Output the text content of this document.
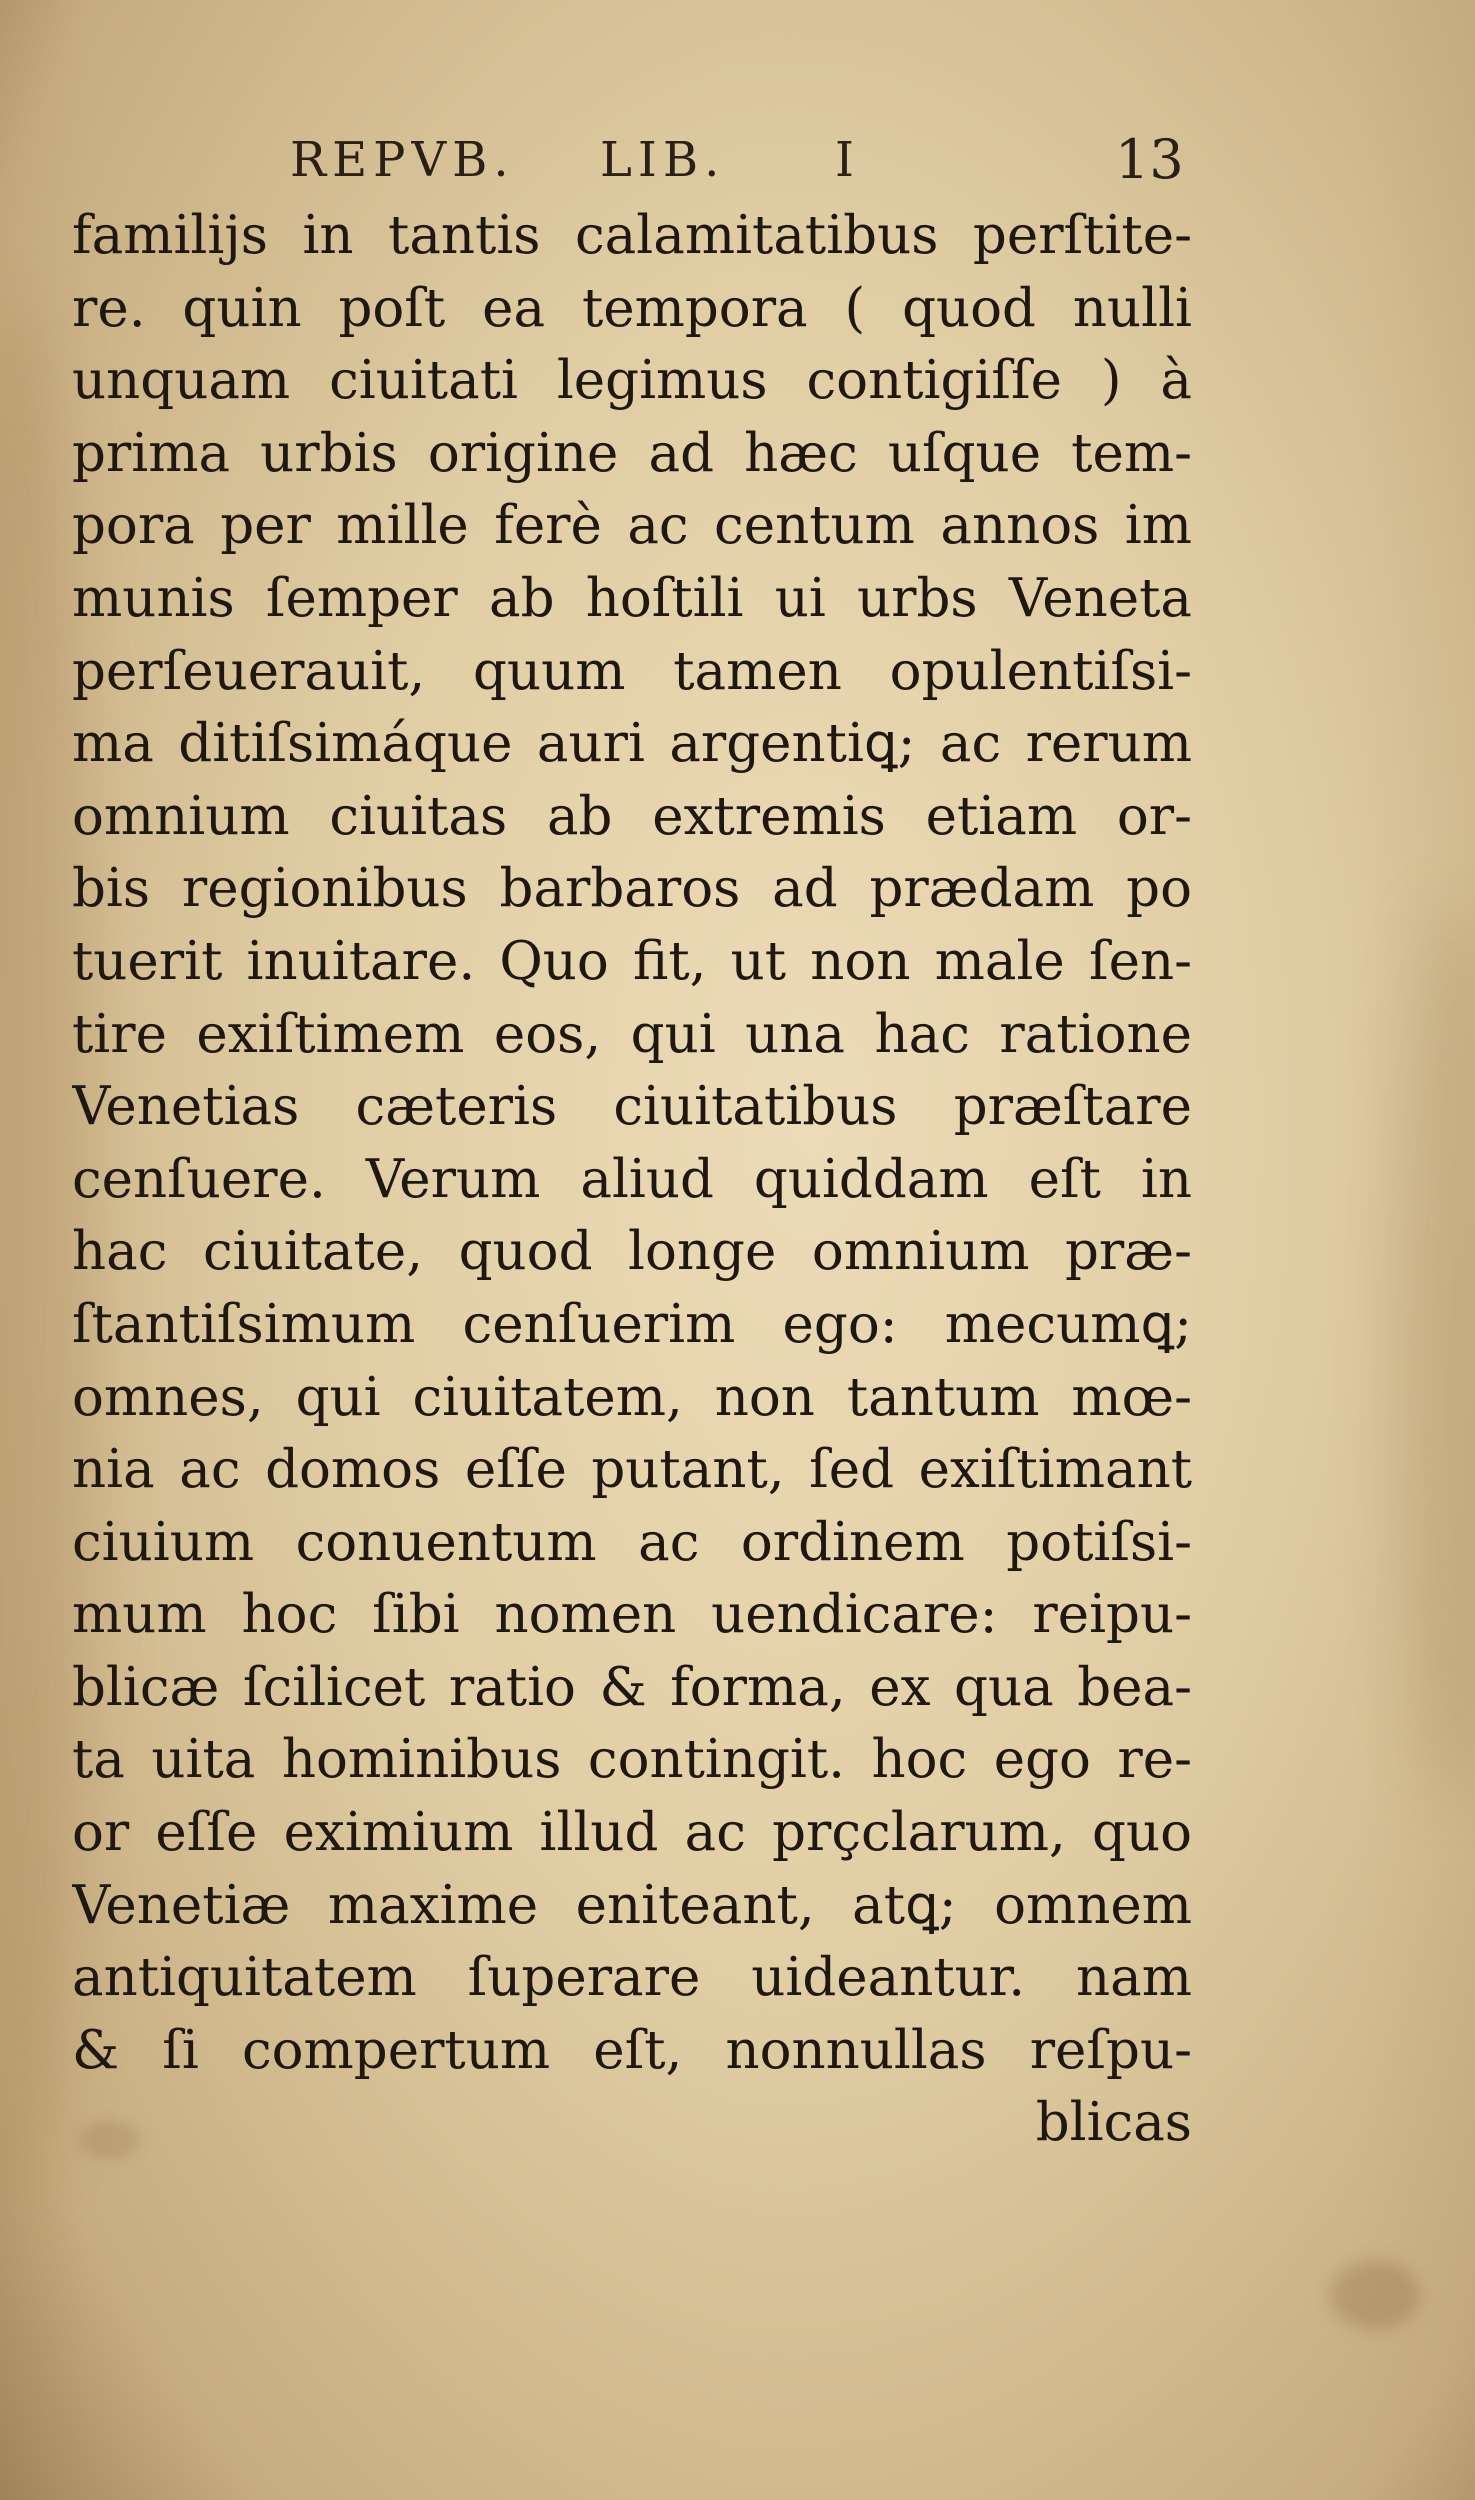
REPVB. LIB. I	13
familiјs in tantis calamitatibus perſtite-
re. quin poſt ea tempora ( quod nulli
unquam ciuitati legimus contigiſſe ) à
prima urbis origine ad hæc uſque tem-
pora per mille ferè ac centum annos im
munis ſemper ab hoſtili ui urbs Veneta
perſeuerauit, quum tamen opulentiſsi-
ma ditiſsimáque auri argentiꝗ; ac rerum
omnium ciuitas ab extremis etiam or-
bis regionibus barbaros ad prædam po
tuerit inuitare. Quo fit, ut non male ſen-
tire exiſtimem eos, qui una hac ratione
Venetias cæteris ciuitatibus præſtare
cenſuere. Verum aliud quiddam eſt in
hac ciuitate, quod longe omnium præ-
ſtantiſsimum cenſuerim ego: mecumꝗ;
omnes, qui ciuitatem, non tantum mœ-
nia ac domos eſſe putant, ſed exiſtimant
ciuium conuentum ac ordinem potiſsi-
mum hoc ſibi nomen uendicare: reipu-
blicæ ſcilicet ratio & forma, ex qua bea-
ta uita hominibus contingit. hoc ego re-
or eſſe eximium illud ac prçclarum, quo
Venetiæ maxime eniteant, atꝗ; omnem
antiquitatem ſuperare uideantur. nam
& ſi compertum eſt, nonnullas reſpu-
blicas
